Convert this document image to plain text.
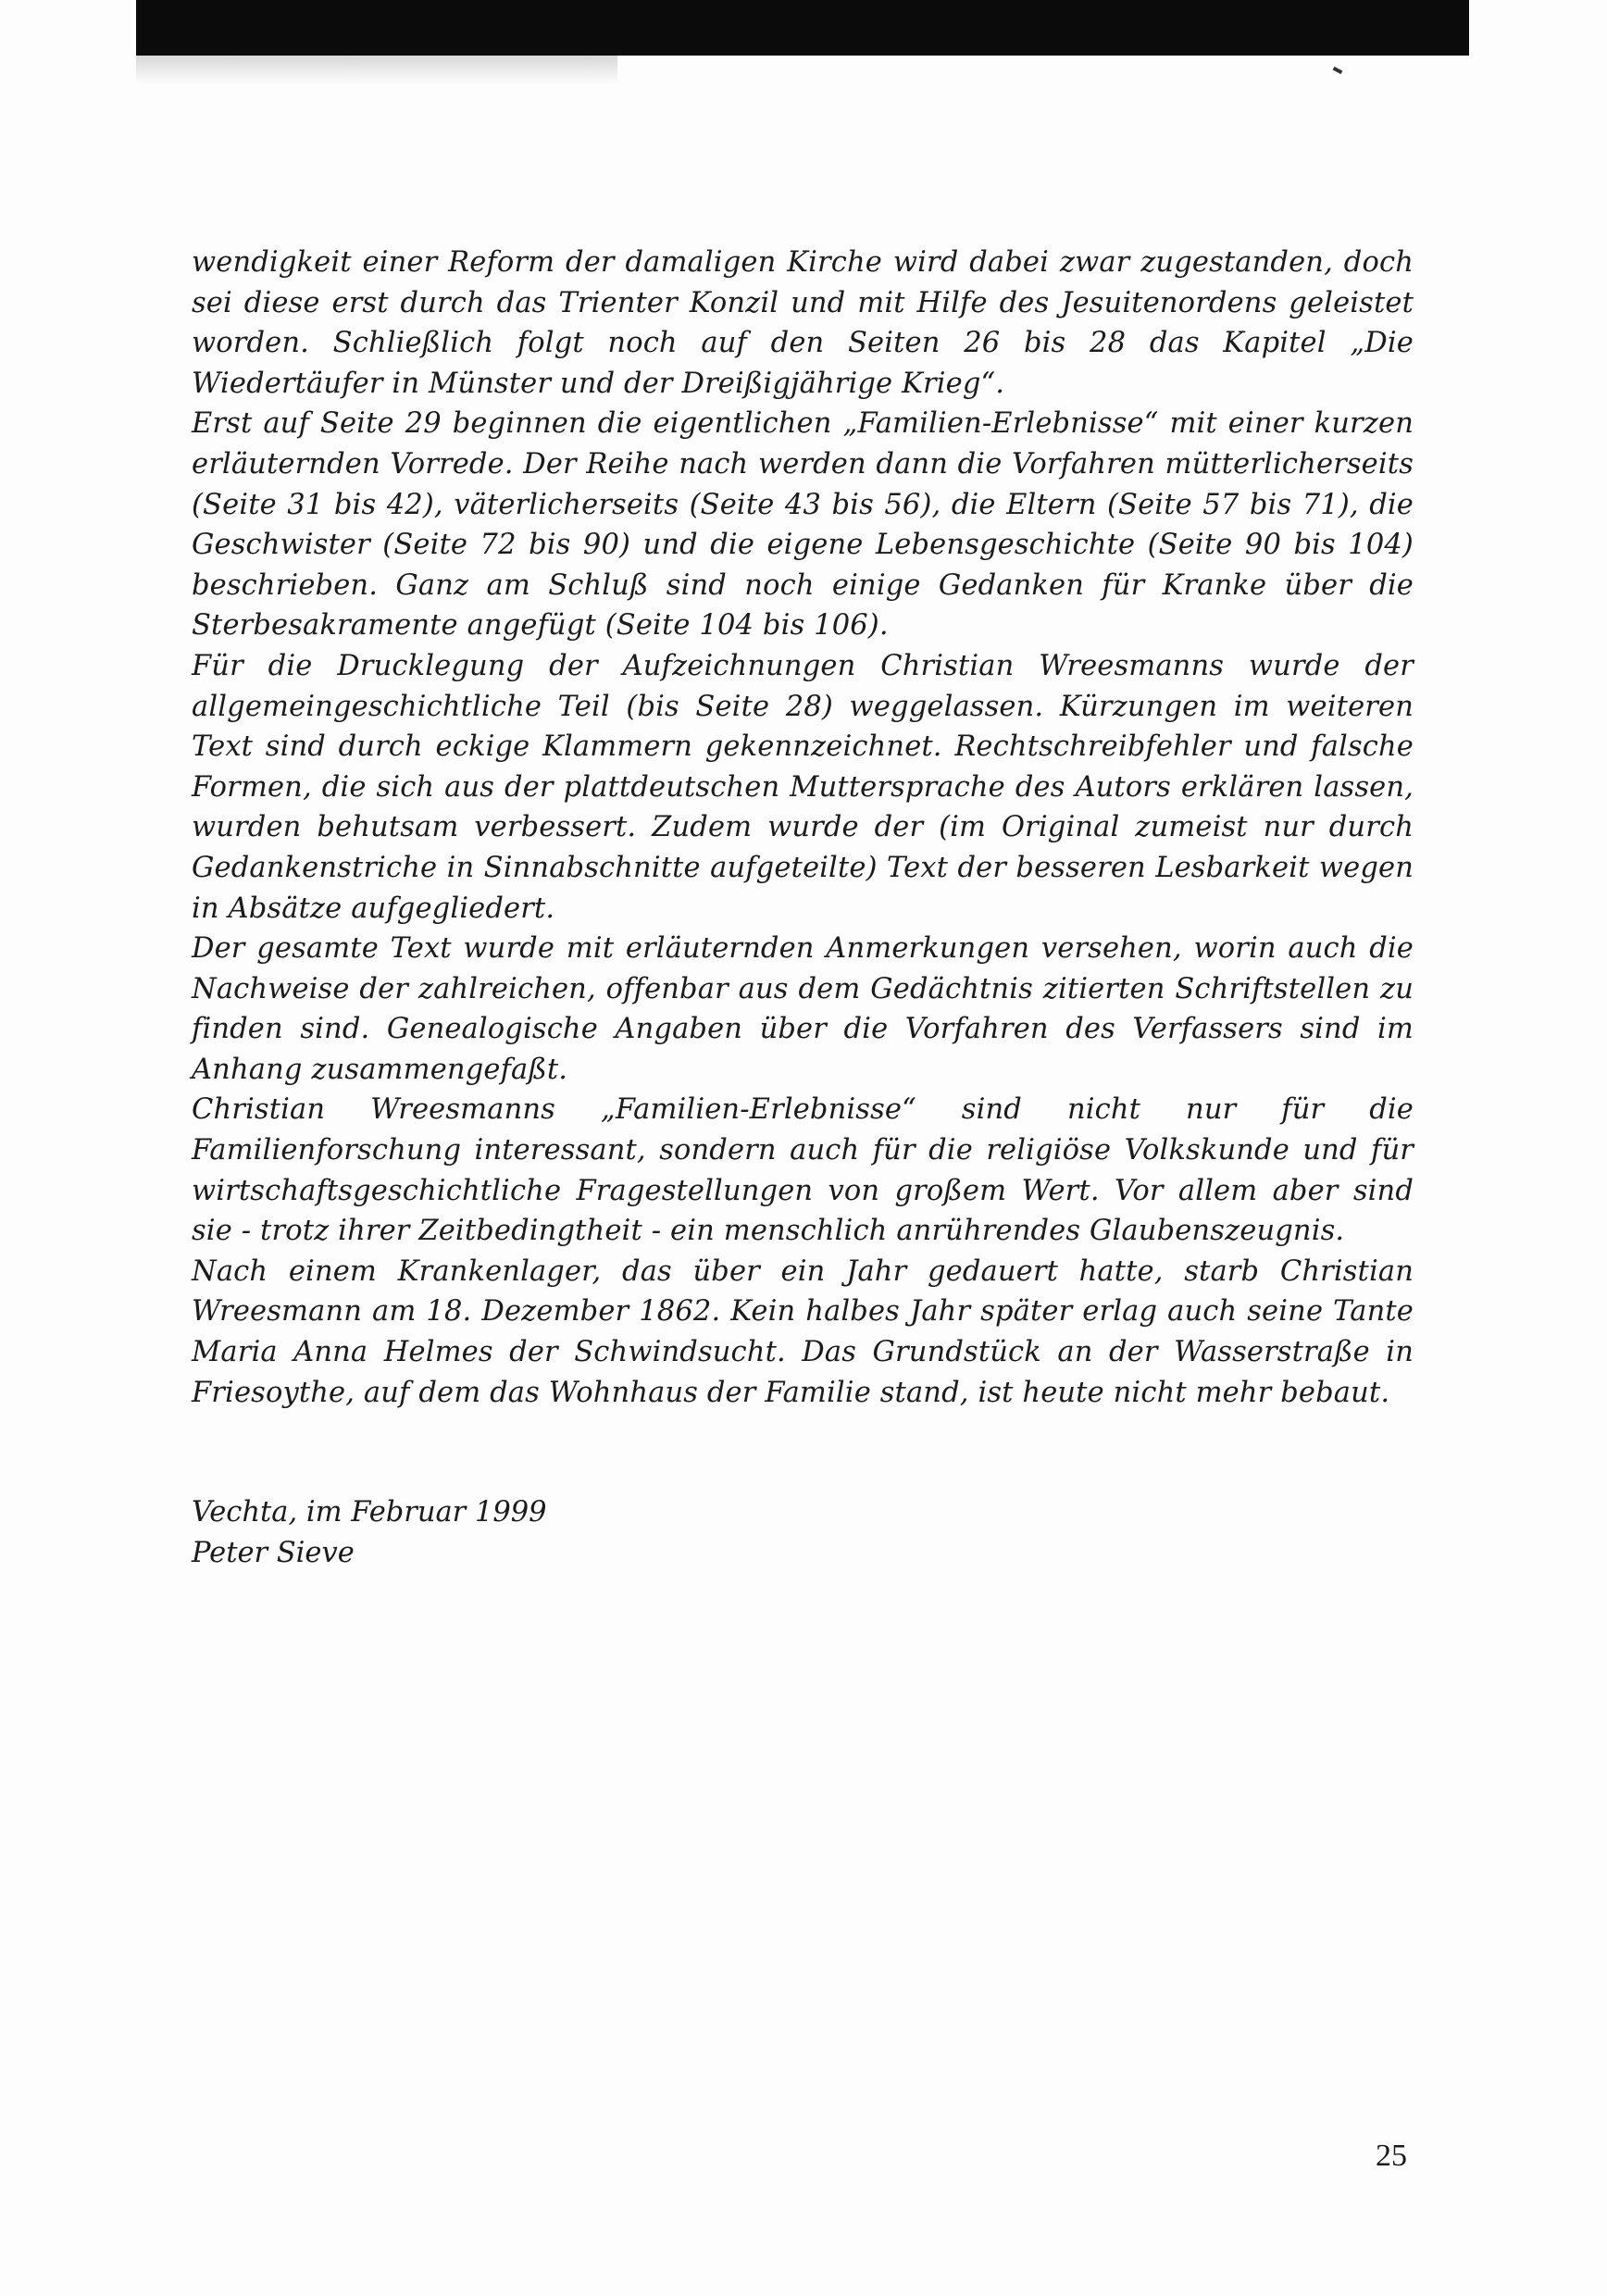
wendigkeit einer Reform der damaligen Kirche wird dabei zwar zugestanden, doch sei diese erst durch das Trienter Konzil und mit Hilfe des Jesuitenordens geleistet worden. Schließlich folgt noch auf den Seiten 26 bis 28 das Kapitel „Die Wiedertäufer in Münster und der Dreißigjährige Krieg“.

Erst auf Seite 29 beginnen die eigentlichen „Familien-Erlebnisse“ mit einer kurzen erläuternden Vorrede. Der Reihe nach werden dann die Vorfahren mütterlicherseits (Seite 31 bis 42), väterlicherseits (Seite 43 bis 56), die Eltern (Seite 57 bis 71), die Geschwister (Seite 72 bis 90) und die eigene Lebensgeschichte (Seite 90 bis 104) beschrieben. Ganz am Schluß sind noch einige Gedanken für Kranke über die Sterbesakramente angefügt (Seite 104 bis 106).

Für die Drucklegung der Aufzeichnungen Christian Wreesmanns wurde der allgemeingeschichtliche Teil (bis Seite 28) weggelassen. Kürzungen im weiteren Text sind durch eckige Klammern gekennzeichnet. Rechtschreibfehler und falsche Formen, die sich aus der plattdeutschen Muttersprache des Autors erklären lassen, wurden behutsam verbessert. Zudem wurde der (im Original zumeist nur durch Gedankenstriche in Sinnabschnitte aufgeteilte) Text der besseren Lesbarkeit wegen in Absätze aufgegliedert.

Der gesamte Text wurde mit erläuternden Anmerkungen versehen, worin auch die Nachweise der zahlreichen, offenbar aus dem Gedächtnis zitierten Schriftstellen zu finden sind. Genealogische Angaben über die Vorfahren des Verfassers sind im Anhang zusammengefaßt.

Christian Wreesmanns „Familien-Erlebnisse“ sind nicht nur für die Familienforschung interessant, sondern auch für die religiöse Volkskunde und für wirtschaftsgeschichtliche Fragestellungen von großem Wert. Vor allem aber sind sie - trotz ihrer Zeitbedingtheit - ein menschlich anrührendes Glaubenszeugnis.

Nach einem Krankenlager, das über ein Jahr gedauert hatte, starb Christian Wreesmann am 18. Dezember 1862. Kein halbes Jahr später erlag auch seine Tante Maria Anna Helmes der Schwindsucht. Das Grundstück an der Wasserstraße in Friesoythe, auf dem das Wohnhaus der Familie stand, ist heute nicht mehr bebaut.

Vechta, im Februar 1999
Peter Sieve
25
